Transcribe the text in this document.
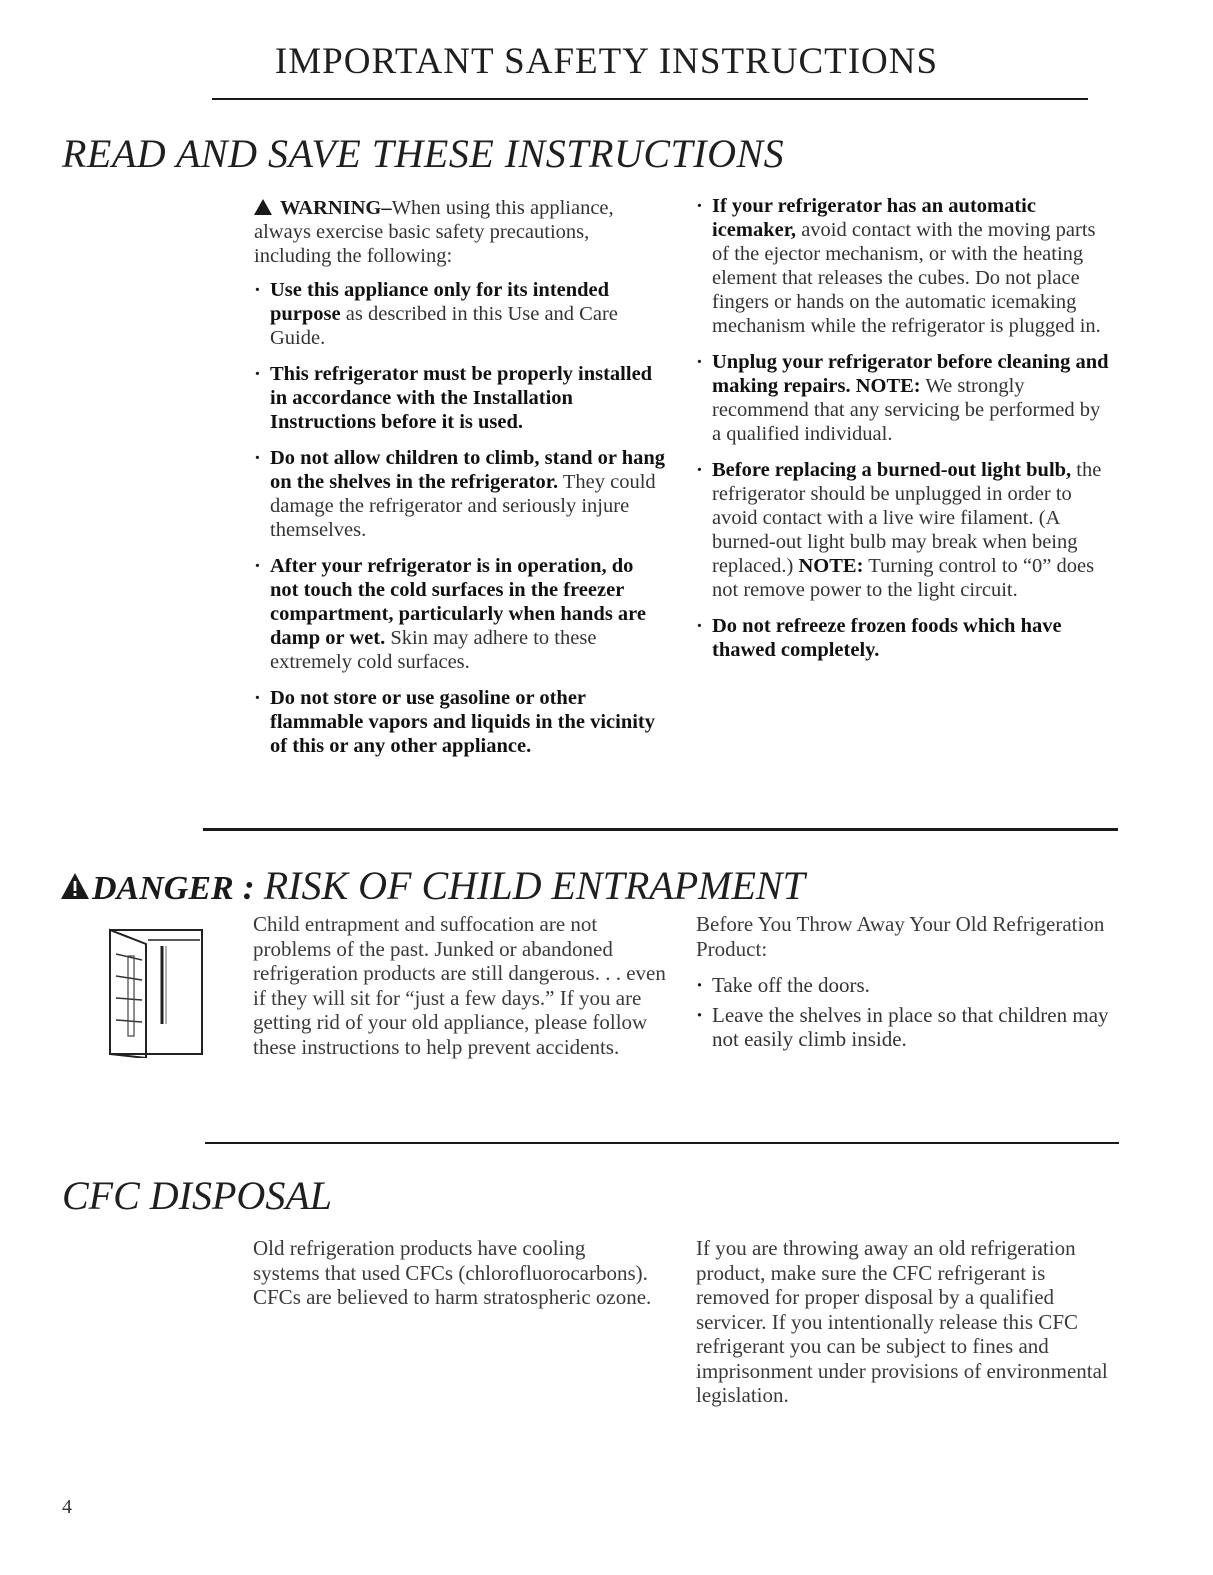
IMPORTANT SAFETY INSTRUCTIONS
READ AND SAVE THESE INSTRUCTIONS
WARNING–When using this appliance, always exercise basic safety precautions, including the following:
· Use this appliance only for its intended purpose as described in this Use and Care Guide.
· This refrigerator must be properly installed in accordance with the Installation Instructions before it is used.
· Do not allow children to climb, stand or hang on the shelves in the refrigerator. They could damage the refrigerator and seriously injure themselves.
· After your refrigerator is in operation, do not touch the cold surfaces in the freezer compartment, particularly when hands are damp or wet. Skin may adhere to these extremely cold surfaces.
· Do not store or use gasoline or other flammable vapors and liquids in the vicinity of this or any other appliance.
· If your refrigerator has an automatic icemaker, avoid contact with the moving parts of the ejector mechanism, or with the heating element that releases the cubes. Do not place fingers or hands on the automatic icemaking mechanism while the refrigerator is plugged in.
· Unplug your refrigerator before cleaning and making repairs. NOTE: We strongly recommend that any servicing be performed by a qualified individual.
· Before replacing a burned-out light bulb, the refrigerator should be unplugged in order to avoid contact with a live wire filament. (A burned-out light bulb may break when being replaced.) NOTE: Turning control to “0” does not remove power to the light circuit.
· Do not refreeze frozen foods which have thawed completely.
DANGER : RISK OF CHILD ENTRAPMENT
Child entrapment and suffocation are not problems of the past. Junked or abandoned refrigeration products are still dangerous. . . even if they will sit for “just a few days.” If you are getting rid of your old appliance, please follow these instructions to help prevent accidents.
Before You Throw Away Your Old Refrigeration Product:
· Take off the doors.
· Leave the shelves in place so that children may not easily climb inside.
CFC DISPOSAL
Old refrigeration products have cooling systems that used CFCs (chlorofluorocarbons). CFCs are believed to harm stratospheric ozone.
If you are throwing away an old refrigeration product, make sure the CFC refrigerant is removed for proper disposal by a qualified servicer. If you intentionally release this CFC refrigerant you can be subject to fines and imprisonment under provisions of environmental legislation.
4
